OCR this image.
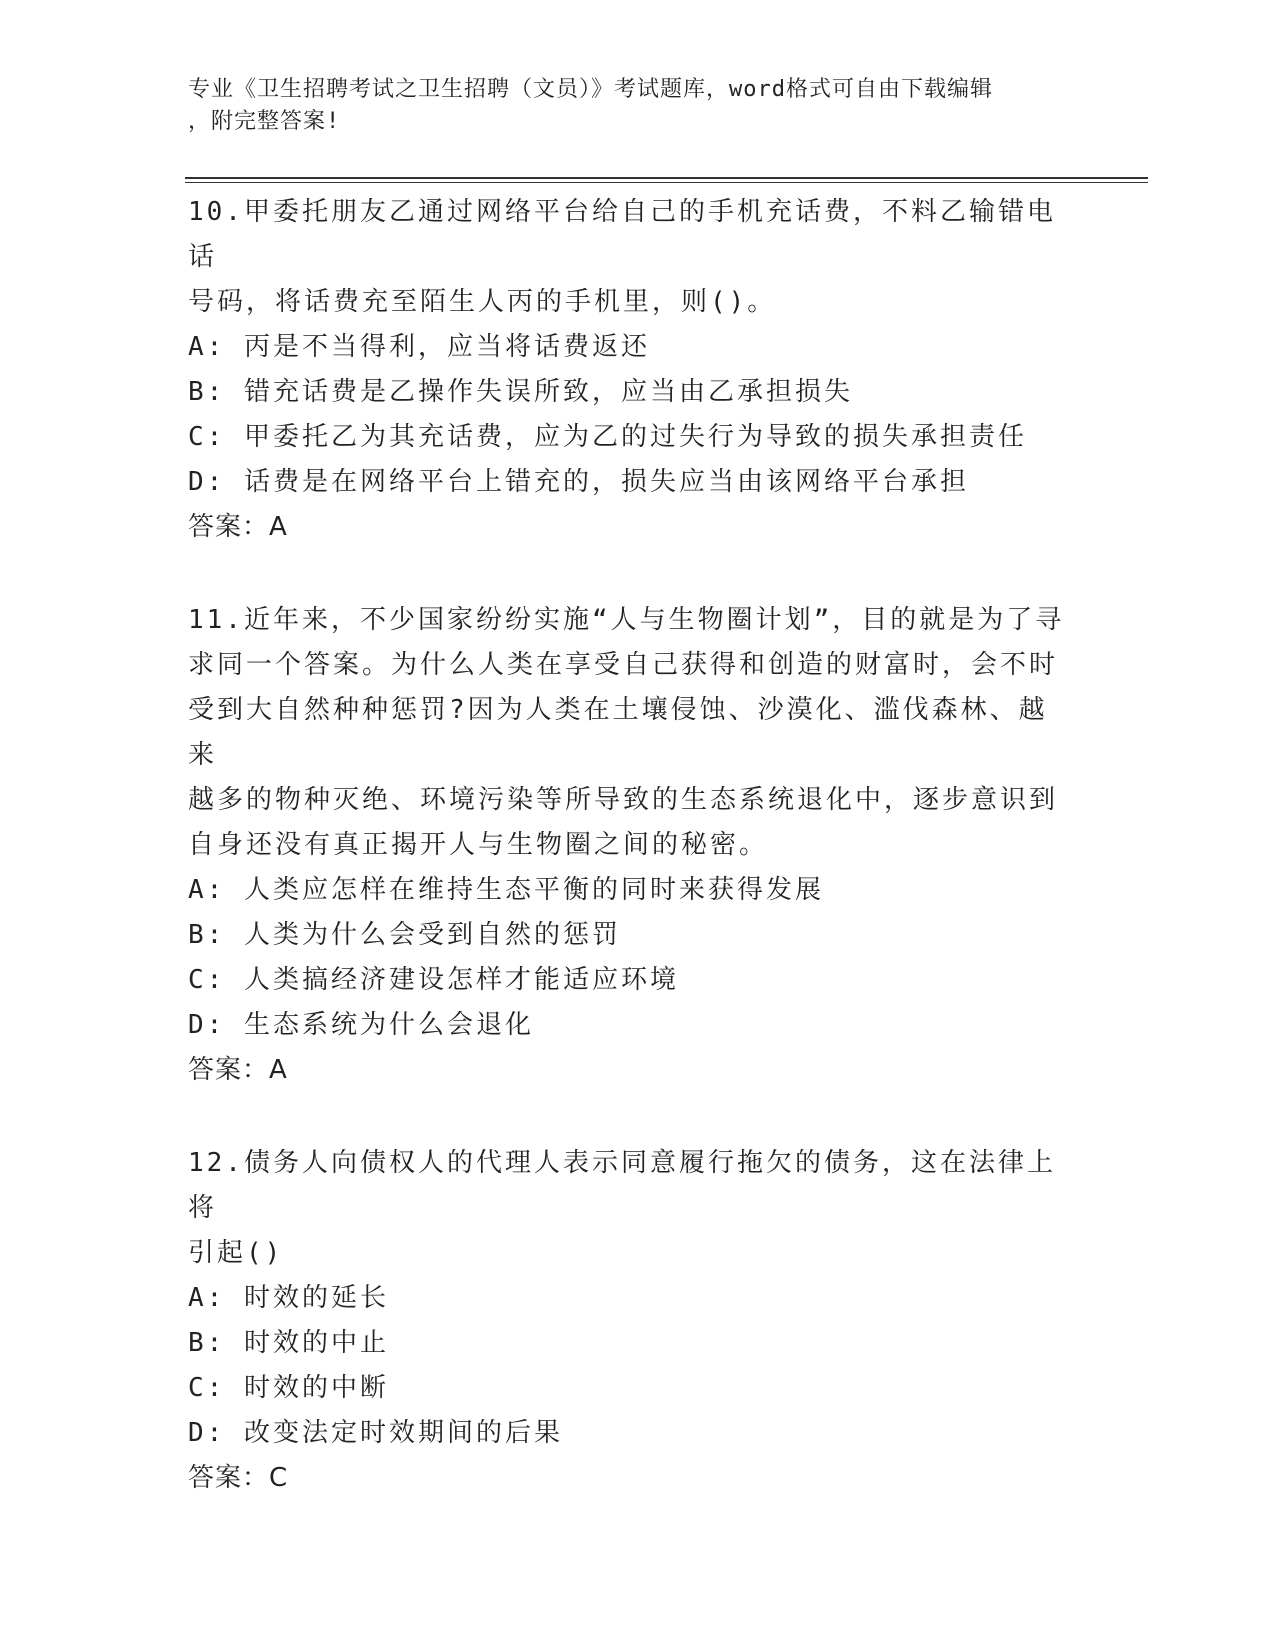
专业《卫生招聘考试之卫生招聘（文员）》考试题库，word格式可自由下载编辑
，附完整答案!

10.甲委托朋友乙通过网络平台给自己的手机充话费，不料乙输错电话

号码，将话费充至陌生人丙的手机里，则()。

A: 丙是不当得利，应当将话费返还

B: 错充话费是乙操作失误所致，应当由乙承担损失

C: 甲委托乙为其充话费，应为乙的过失行为导致的损失承担责任

D: 话费是在网络平台上错充的，损失应当由该网络平台承担

答案：A

11.近年来，不少国家纷纷实施“人与生物圈计划”，目的就是为了寻

求同一个答案。为什么人类在享受自己获得和创造的财富时，会不时

受到大自然种种惩罚?因为人类在土壤侵蚀、沙漠化、滥伐森林、越来

越多的物种灭绝、环境污染等所导致的生态系统退化中，逐步意识到

自身还没有真正揭开人与生物圈之间的秘密。

A: 人类应怎样在维持生态平衡的同时来获得发展

B: 人类为什么会受到自然的惩罚

C: 人类搞经济建设怎样才能适应环境

D: 生态系统为什么会退化

答案：A

12.债务人向债权人的代理人表示同意履行拖欠的债务，这在法律上将

引起()

A: 时效的延长

B: 时效的中止

C: 时效的中断

D: 改变法定时效期间的后果

答案：C
